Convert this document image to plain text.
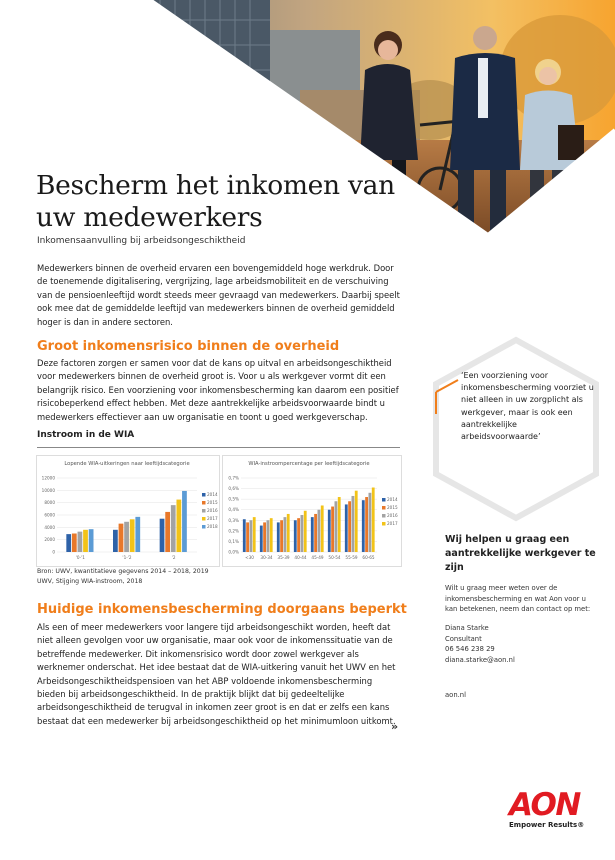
Bescherm het inkomen van uw medewerkers
Inkomensaanvulling bij arbeidsongeschiktheid

Medewerkers binnen de overheid ervaren een bovengemiddeld hoge werkdruk. Door de toenemende digitalisering, vergrijzing, lage arbeidsmobiliteit en de verschuiving van de pensioenleeftijd wordt steeds meer gevraagd van medewerkers. Daarbij speelt ook mee dat de gemiddelde leeftijd van medewerkers binnen de overheid gemiddeld hoger is dan in andere sectoren.

Groot inkomensrisico binnen de overheid

Deze factoren zorgen er samen voor dat de kans op uitval en arbeidsongeschiktheid voor medewerkers binnen de overheid groot is. Voor u als werkgever vormt dit een belangrijk risico. Een voorziening voor inkomensbescherming kan daarom een positief risicobeperkend effect hebben. Met deze aantrekkelijke arbeidsvoorwaarde bindt u medewerkers effectiever aan uw organisatie en toont u goed werkgeverschap.

Instroom in de WIA
Lopende WIA-uitkeringen naar leeftijdscategorie
0
2000
4000
6000
8000
10000
12000
'0-'1	'1-'2	'2
2014
2015
2016
2017
2018
WIA-instroompercentage per leeftijdscategorie
0,0%
0,1%
0,2%
0,3%
0,4%
0,5%
0,6%
0,7%
<30 30-34 35-39 40-44 45-49 50-54 55-59 60-65
2014
2015
2016
2017
Bron: UWV, kwantitatieve gegevens 2014 – 2018, 2019
UWV, Stijging WIA-instroom, 2018
Huidige inkomensbescherming doorgaans beperkt

Als een of meer medewerkers voor langere tijd arbeidsongeschikt worden, heeft dat niet alleen gevolgen voor uw organisatie, maar ook voor de inkomenssituatie van de betreffende medewerker. Dit inkomensrisico wordt door zowel werkgever als werknemer onderschat. Het idee bestaat dat de WIA-uitkering vanuit het UWV en het Arbeidsongeschiktheidspensioen van het ABP voldoende inkomensbescherming bieden bij arbeidsongeschiktheid. In de praktijk blijkt dat bij gedeeltelijke arbeidsongeschiktheid de terugval in inkomen zeer groot is en dat er zelfs een kans bestaat dat een medewerker bij arbeidsongeschiktheid op het minimumloon uitkomt.

»

‘Een voorziening voor inkomensbescherming voorziet u niet alleen in uw zorgplicht als werkgever, maar is ook een aantrekkelijke arbeidsvoorwaarde’

Wij helpen u graag een aantrekkelijke werkgever te zijn

Wilt u graag meer weten over de inkomensbescherming en wat Aon voor u kan betekenen, neem dan contact op met:

Diana Starke
Consultant
06 546 238 29
diana.starke@aon.nl
aon.nl
AON
Empower Results®
